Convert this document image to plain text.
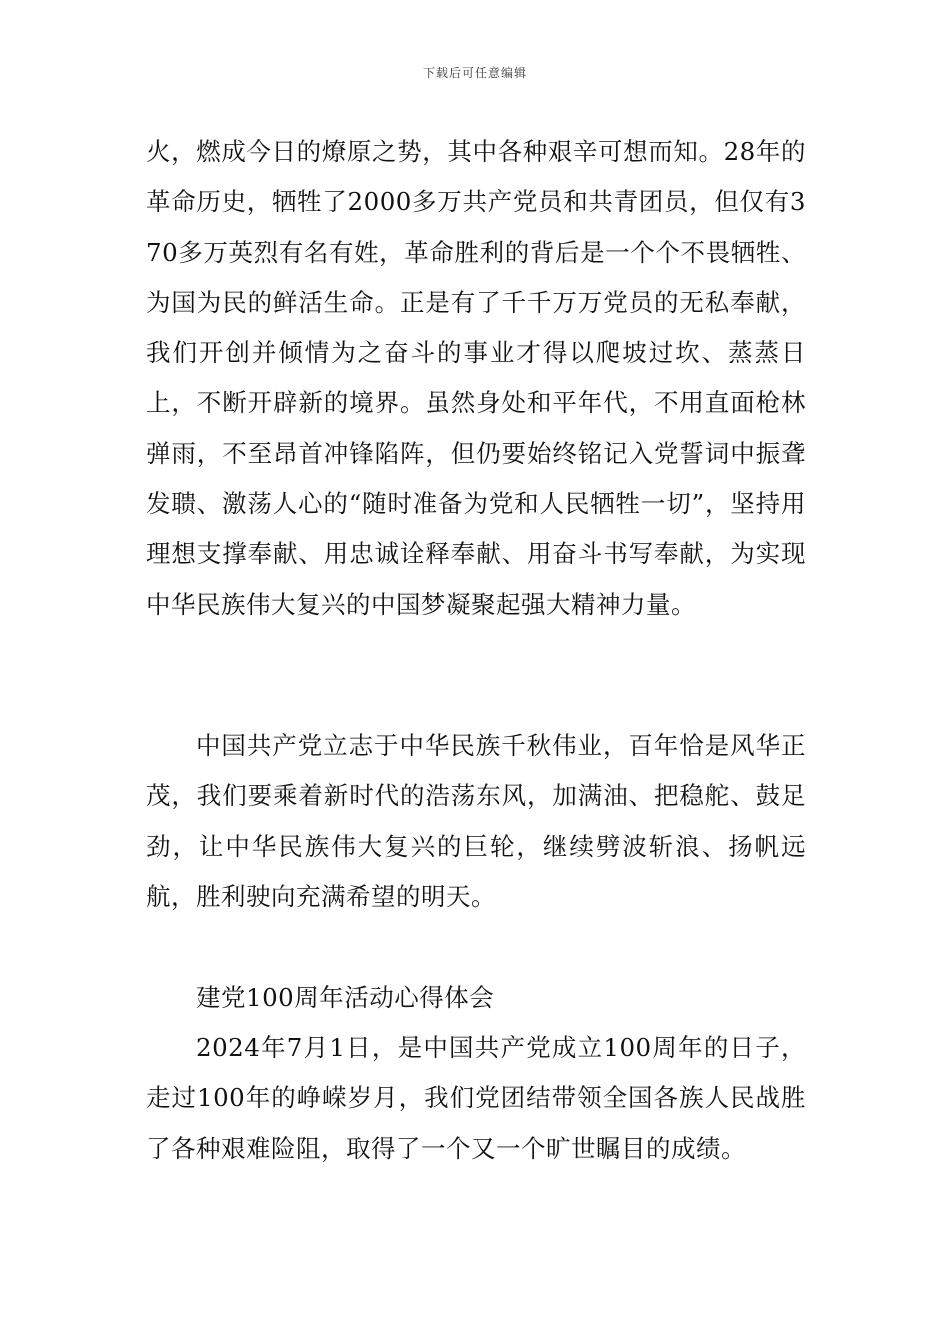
下载后可任意编辑

火，燃成今日的燎原之势，其中各种艰辛可想而知。28年的革命历史，牺牲了2000多万共产党员和共青团员，但仅有370多万英烈有名有姓，革命胜利的背后是一个个不畏牺牲、为国为民的鲜活生命。正是有了千千万万党员的无私奉献，我们开创并倾情为之奋斗的事业才得以爬坡过坎、蒸蒸日上，不断开辟新的境界。虽然身处和平年代，不用直面枪林弹雨，不至昂首冲锋陷阵，但仍要始终铭记入党誓词中振聋发聩、激荡人心的“随时准备为党和人民牺牲一切”，坚持用理想支撑奉献、用忠诚诠释奉献、用奋斗书写奉献，为实现中华民族伟大复兴的中国梦凝聚起强大精神力量。

中国共产党立志于中华民族千秋伟业，百年恰是风华正茂，我们要乘着新时代的浩荡东风，加满油、把稳舵、鼓足劲，让中华民族伟大复兴的巨轮，继续劈波斩浪、扬帆远航，胜利驶向充满希望的明天。

建党100周年活动心得体会

2024年7月1日，是中国共产党成立100周年的日子，走过100年的峥嵘岁月，我们党团结带领全国各族人民战胜了各种艰难险阻，取得了一个又一个旷世瞩目的成绩。
